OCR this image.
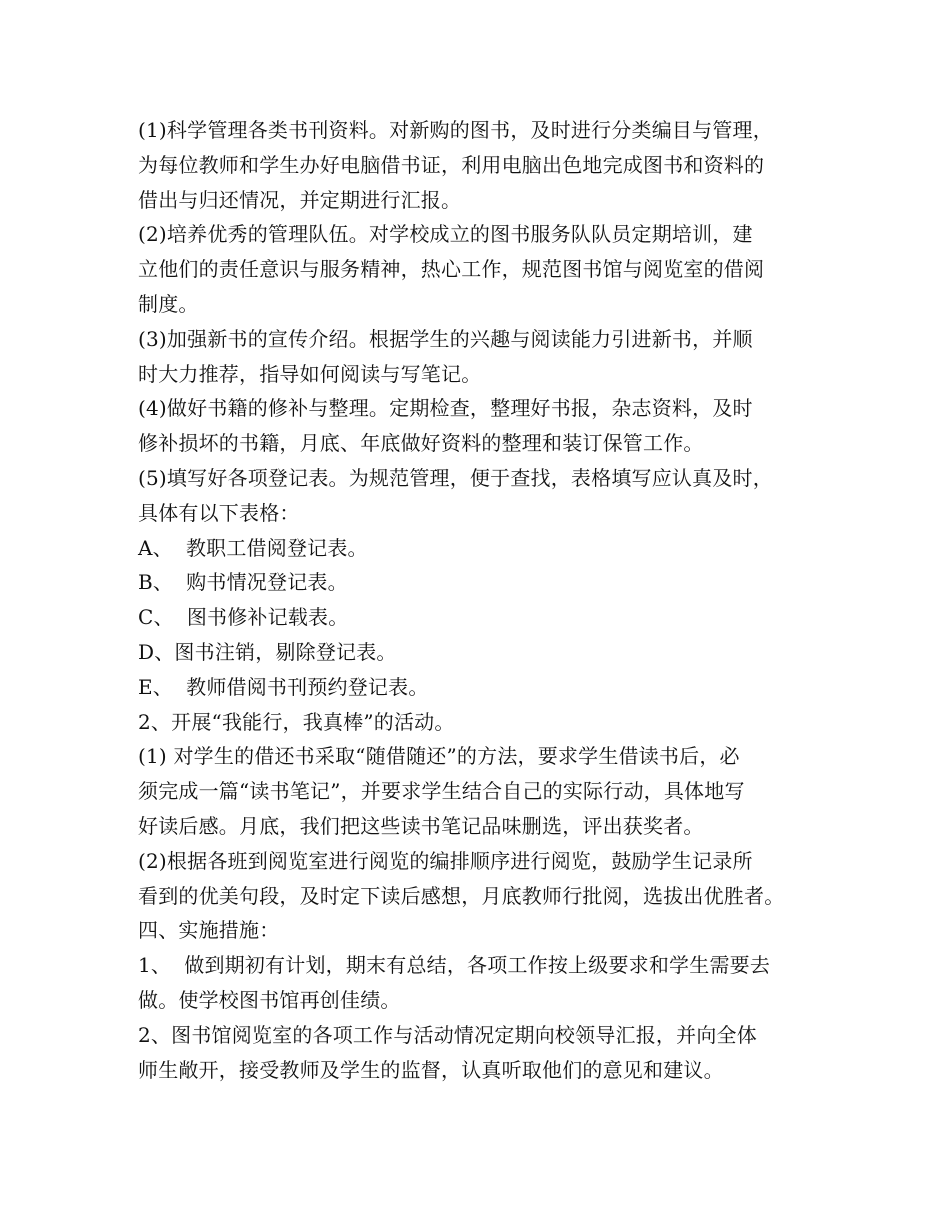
(1)科学管理各类书刊资料。对新购的图书，及时进行分类编目与管理，
为每位教师和学生办好电脑借书证，利用电脑出色地完成图书和资料的
借出与归还情况，并定期进行汇报。
(2)培养优秀的管理队伍。对学校成立的图书服务队队员定期培训，建
立他们的责任意识与服务精神，热心工作，规范图书馆与阅览室的借阅
制度。
(3)加强新书的宣传介绍。根据学生的兴趣与阅读能力引进新书，并顺
时大力推荐，指导如何阅读与写笔记。
(4)做好书籍的修补与整理。定期检查，整理好书报，杂志资料，及时
修补损坏的书籍，月底、年底做好资料的整理和装订保管工作。
(5)填写好各项登记表。为规范管理，便于查找，表格填写应认真及时，
具体有以下表格：
A、  教职工借阅登记表。
B、  购书情况登记表。
C、  图书修补记载表。
D、图书注销，剔除登记表。
E、  教师借阅书刊预约登记表。
2、开展“我能行，我真棒”的活动。
(1) 对学生的借还书采取“随借随还”的方法，要求学生借读书后，必
须完成一篇“读书笔记”，并要求学生结合自己的实际行动，具体地写
好读后感。月底，我们把这些读书笔记品味删选，评出获奖者。
(2)根据各班到阅览室进行阅览的编排顺序进行阅览，鼓励学生记录所
看到的优美句段，及时定下读后感想，月底教师行批阅，选拔出优胜者。
四、实施措施：
1、  做到期初有计划，期末有总结，各项工作按上级要求和学生需要去
做。使学校图书馆再创佳绩。
2、图书馆阅览室的各项工作与活动情况定期向校领导汇报，并向全体
师生敞开，接受教师及学生的监督，认真听取他们的意见和建议。
